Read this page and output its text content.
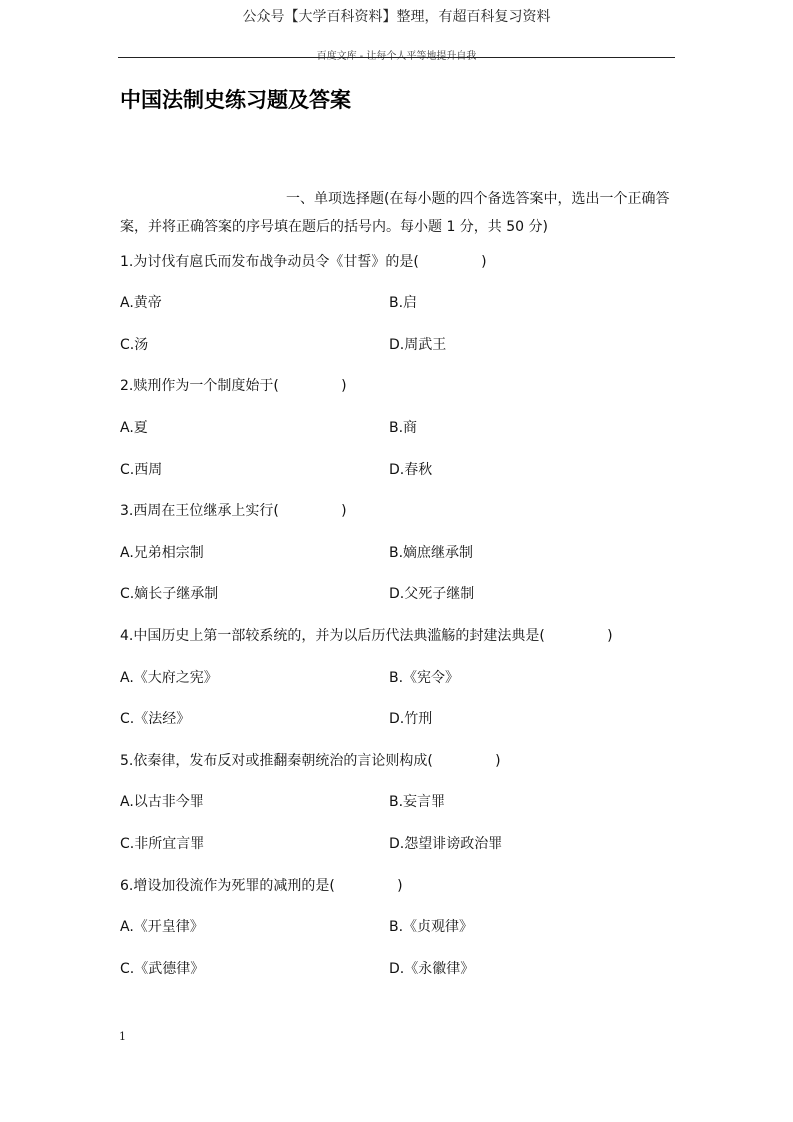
公众号【大学百科资料】整理，有超百科复习资料
百度文库 - 让每个人平等地提升自我
中国法制史练习题及答案
一、单项选择题(在每小题的四个备选答案中，选出一个正确答案，并将正确答案的序号填在题后的括号内。每小题 1 分，共 50 分)
1.为讨伐有扈氏而发布战争动员令《甘誓》的是(              )
A.黄帝	B.启
C.汤	D.周武王
2.赎刑作为一个制度始于(              )
A.夏	B.商
C.西周	D.春秋
3.西周在王位继承上实行(              )
A.兄弟相宗制	B.嫡庶继承制
C.嫡长子继承制	D.父死子继制
4.中国历史上第一部较系统的，并为以后历代法典滥觞的封建法典是(              )
A.《大府之宪》	B.《宪令》
C.《法经》	D.竹刑
5.依秦律，发布反对或推翻秦朝统治的言论则构成(              )
A.以古非今罪	B.妄言罪
C.非所宜言罪	D.怨望诽谤政治罪
6.增设加役流作为死罪的减刑的是(              )
A.《开皇律》	B.《贞观律》
C.《武德律》	D.《永徽律》
1
